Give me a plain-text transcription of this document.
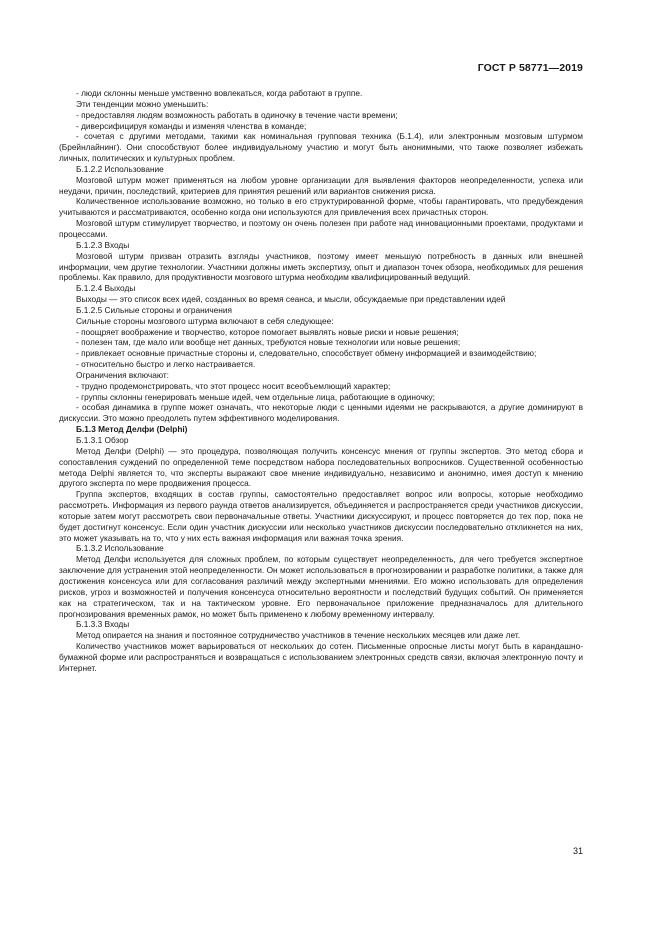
ГОСТ Р 58771—2019

- люди склонны меньше умственно вовлекаться, когда работают в группе.

Эти тенденции можно уменьшить:

- предоставляя людям возможность работать в одиночку в течение части времени;

- диверсифицируя команды и изменяя членства в команде;

- сочетая с другими методами, такими как номинальная групповая техника (Б.1.4), или электронным мозговым штурмом (Брейнлайнинг). Они способствуют более индивидуальному участию и могут быть анонимными, что также позволяет избежать личных, политических и культурных проблем.

Б.1.2.2 Использование

Мозговой штурм может применяться на любом уровне организации для выявления факторов неопределенности, успеха или неудачи, причин, последствий, критериев для принятия решений или вариантов снижения риска.

Количественное использование возможно, но только в его структурированной форме, чтобы гарантировать, что предубеждения учитываются и рассматриваются, особенно когда они используются для привлечения всех причастных сторон.

Мозговой штурм стимулирует творчество, и поэтому он очень полезен при работе над инновационными проектами, продуктами и процессами.

Б.1.2.3 Входы

Мозговой штурм призван отразить взгляды участников, поэтому имеет меньшую потребность в данных или внешней информации, чем другие технологии. Участники должны иметь экспертизу, опыт и диапазон точек обзора, необходимых для решения проблемы. Как правило, для продуктивности мозгового штурма необходим квалифицированный ведущий.

Б.1.2.4 Выходы

Выходы — это список всех идей, созданных во время сеанса, и мысли, обсуждаемые при представлении идей

Б.1.2.5 Сильные стороны и ограничения

Сильные стороны мозгового штурма включают в себя следующее:

- поощряет воображение и творчество, которое помогает выявлять новые риски и новые решения;

- полезен там, где мало или вообще нет данных, требуются новые технологии или новые решения;

- привлекает основные причастные стороны и, следовательно, способствует обмену информацией и взаимодействию;

- относительно быстро и легко настраивается.

Ограничения включают:

- трудно продемонстрировать, что этот процесс носит всеобъемлющий характер;

- группы склонны генерировать меньше идей, чем отдельные лица, работающие в одиночку;

- особая динамика в группе может означать, что некоторые люди с ценными идеями не раскрываются, а другие доминируют в дискуссии. Это можно преодолеть путем эффективного моделирования.

Б.1.3 Метод Делфи (Delphi)

Б.1.3.1 Обзор

Метод Делфи (Delphi) — это процедура, позволяющая получить консенсус мнения от группы экспертов. Это метод сбора и сопоставления суждений по определенной теме посредством набора последовательных вопросников. Существенной особенностью метода Delphi является то, что эксперты выражают свое мнение индивидуально, независимо и анонимно, имея доступ к мнению другого эксперта по мере продвижения процесса.

Группа экспертов, входящих в состав группы, самостоятельно предоставляет вопрос или вопросы, которые необходимо рассмотреть. Информация из первого раунда ответов анализируется, объединяется и распространяется среди участников дискуссии, которые затем могут рассмотреть свои первоначальные ответы. Участники дискуссируют, и процесс повторяется до тех пор, пока не будет достигнут консенсус. Если один участник дискуссии или несколько участников дискуссии последовательно откликнется на них, это может указывать на то, что у них есть важная информация или важная точка зрения.

Б.1.3.2 Использование

Метод Делфи используется для сложных проблем, по которым существует неопределенность, для чего требуется экспертное заключение для устранения этой неопределенности. Он может использоваться в прогнозировании и разработке политики, а также для достижения консенсуса или для согласования различий между экспертными мнениями. Его можно использовать для определения рисков, угроз и возможностей и получения консенсуса относительно вероятности и последствий будущих событий. Он применяется как на стратегическом, так и на тактическом уровне. Его первоначальное приложение предназначалось для длительного прогнозирования временных рамок, но может быть применено к любому временному интервалу.

Б.1.3.3 Входы

Метод опирается на знания и постоянное сотрудничество участников в течение нескольких месяцев или даже лет.

Количество участников может варьироваться от нескольких до сотен. Письменные опросные листы могут быть в карандашно-бумажной форме или распространяться и возвращаться с использованием электронных средств связи, включая электронную почту и Интернет.

31
